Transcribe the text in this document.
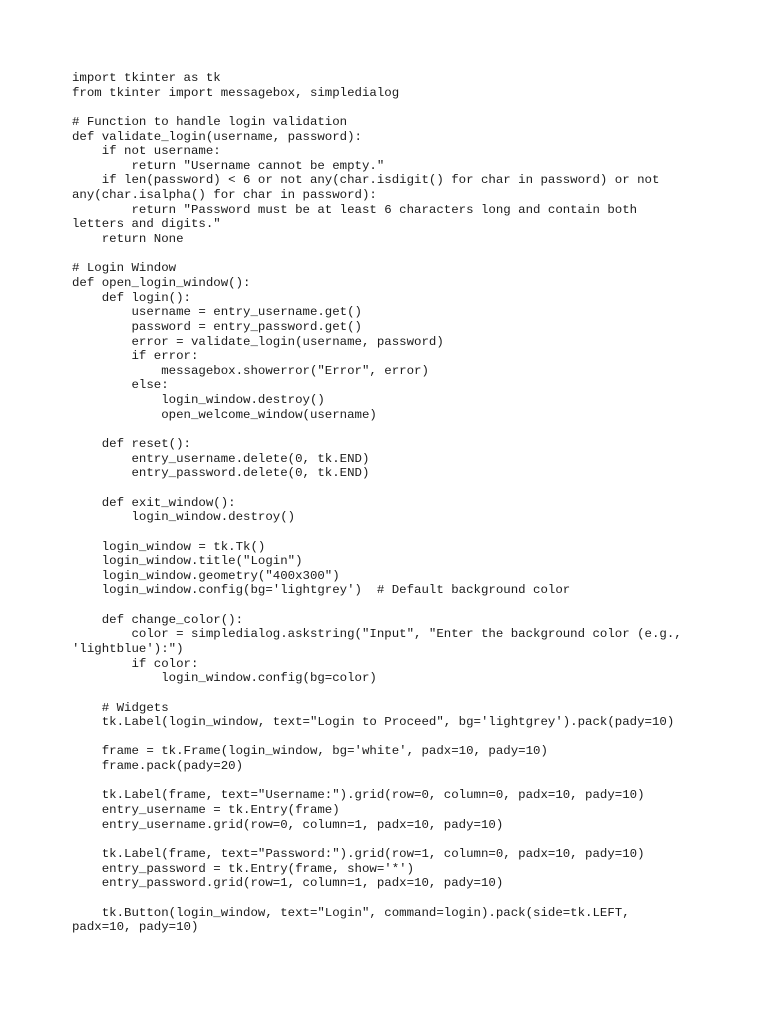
import tkinter as tk
from tkinter import messagebox, simpledialog
# Function to handle login validation
def validate_login(username, password):
if not username:
return "Username cannot be empty."
if len(password) < 6 or not any(char.isdigit() for char in password) or not
any(char.isalpha() for char in password):
return "Password must be at least 6 characters long and contain both
letters and digits."
return None
# Login Window
def open_login_window():
def login():
username = entry_username.get()
password = entry_password.get()
error = validate_login(username, password)
if error:
messagebox.showerror("Error", error)
else:
login_window.destroy()
open_welcome_window(username)
def reset():
entry_username.delete(0, tk.END)
entry_password.delete(0, tk.END)
def exit_window():
login_window.destroy()
login_window = tk.Tk()
login_window.title("Login")
login_window.geometry("400x300")
login_window.config(bg='lightgrey')  # Default background color
def change_color():
color = simpledialog.askstring("Input", "Enter the background color (e.g.,
'lightblue'):")
if color:
login_window.config(bg=color)
# Widgets
tk.Label(login_window, text="Login to Proceed", bg='lightgrey').pack(pady=10)
frame = tk.Frame(login_window, bg='white', padx=10, pady=10)
frame.pack(pady=20)
tk.Label(frame, text="Username:").grid(row=0, column=0, padx=10, pady=10)
entry_username = tk.Entry(frame)
entry_username.grid(row=0, column=1, padx=10, pady=10)
tk.Label(frame, text="Password:").grid(row=1, column=0, padx=10, pady=10)
entry_password = tk.Entry(frame, show='*')
entry_password.grid(row=1, column=1, padx=10, pady=10)
tk.Button(login_window, text="Login", command=login).pack(side=tk.LEFT,
padx=10, pady=10)
